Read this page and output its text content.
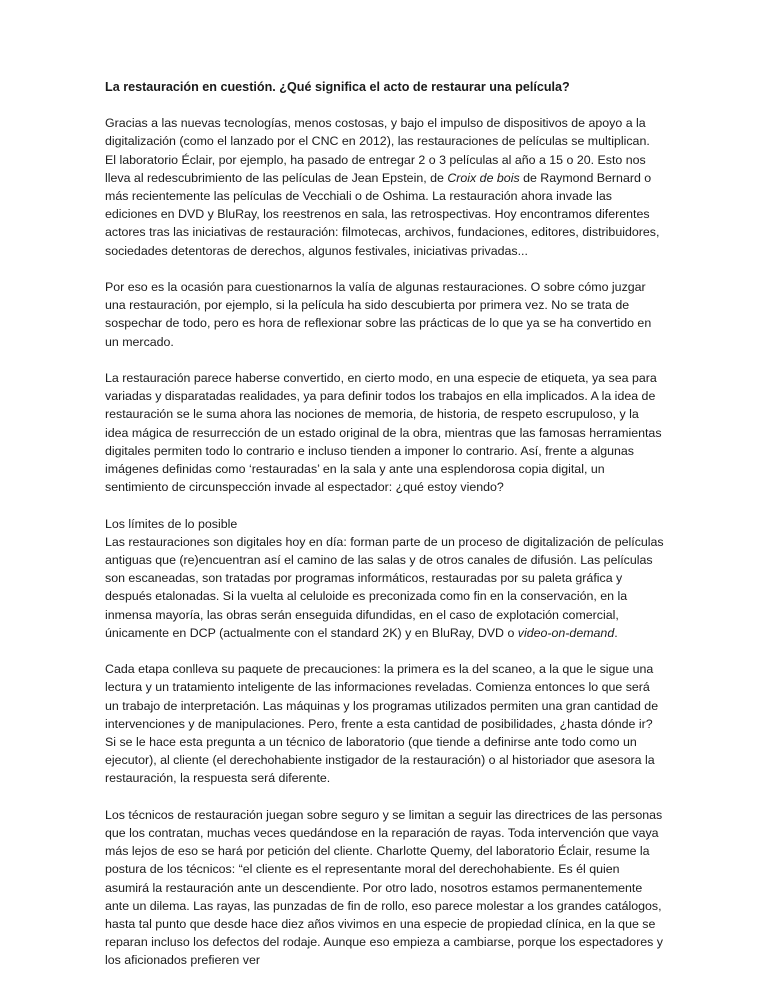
La restauración en cuestión. ¿Qué significa el acto de restaurar una película?

Gracias a las nuevas tecnologías, menos costosas, y bajo el impulso de dispositivos de apoyo a la digitalización (como el lanzado por el CNC en 2012), las restauraciones de películas se multiplican. El laboratorio Éclair, por ejemplo, ha pasado de entregar 2 o 3 películas al año a 15 o 20. Esto nos lleva al redescubrimiento de las películas de Jean Epstein, de Croix de bois de Raymond Bernard o más recientemente las películas de Vecchiali o de Oshima. La restauración ahora invade las ediciones en DVD y BluRay, los reestrenos en sala, las retrospectivas. Hoy encontramos diferentes actores tras las iniciativas de restauración: filmotecas, archivos, fundaciones, editores, distribuidores, sociedades detentoras de derechos, algunos festivales, iniciativas privadas...

Por eso es la ocasión para cuestionarnos la valía de algunas restauraciones. O sobre cómo juzgar una restauración, por ejemplo, si la película ha sido descubierta por primera vez. No se trata de sospechar de todo, pero es hora de reflexionar sobre las prácticas de lo que ya se ha convertido en un mercado.

La restauración parece haberse convertido, en cierto modo, en una especie de etiqueta, ya sea para variadas y disparatadas realidades, ya para definir todos los trabajos en ella implicados. A la idea de restauración se le suma ahora las nociones de memoria, de historia, de respeto escrupuloso, y la idea mágica de resurrección de un estado original de la obra, mientras que las famosas herramientas digitales permiten todo lo contrario e incluso tienden a imponer lo contrario. Así, frente a algunas imágenes definidas como ‘restauradas’ en la sala y ante una esplendorosa copia digital, un sentimiento de circunspección invade al espectador: ¿qué estoy viendo?

Los límites de lo posible
Las restauraciones son digitales hoy en día: forman parte de un proceso de digitalización de películas antiguas que (re)encuentran así el camino de las salas y de otros canales de difusión. Las películas son escaneadas, son tratadas por programas informáticos, restauradas por su paleta gráfica y después etalonadas. Si la vuelta al celuloide es preconizada como fin en la conservación, en la inmensa mayoría, las obras serán enseguida difundidas, en el caso de explotación comercial, únicamente en DCP (actualmente con el standard 2K) y en BluRay, DVD o video-on-demand.

Cada etapa conlleva su paquete de precauciones: la primera es la del scaneo, a la que le sigue una lectura y un tratamiento inteligente de las informaciones reveladas. Comienza entonces lo que será un trabajo de interpretación. Las máquinas y los programas utilizados permiten una gran cantidad de intervenciones y de manipulaciones. Pero, frente a esta cantidad de posibilidades, ¿hasta dónde ir? Si se le hace esta pregunta a un técnico de laboratorio (que tiende a definirse ante todo como un ejecutor), al cliente (el derechohabiente instigador de la restauración) o al historiador que asesora la restauración, la respuesta será diferente.

Los técnicos de restauración juegan sobre seguro y se limitan a seguir las directrices de las personas que los contratan, muchas veces quedándose en la reparación de rayas. Toda intervención que vaya más lejos de eso se hará por petición del cliente. Charlotte Quemy, del laboratorio Éclair, resume la postura de los técnicos: “el cliente es el representante moral del derechohabiente. Es él quien asumirá la restauración ante un descendiente. Por otro lado, nosotros estamos permanentemente ante un dilema. Las rayas, las punzadas de fin de rollo, eso parece molestar a los grandes catálogos, hasta tal punto que desde hace diez años vivimos en una especie de propiedad clínica, en la que se reparan incluso los defectos del rodaje. Aunque eso empieza a cambiarse, porque los espectadores y los aficionados prefieren ver
